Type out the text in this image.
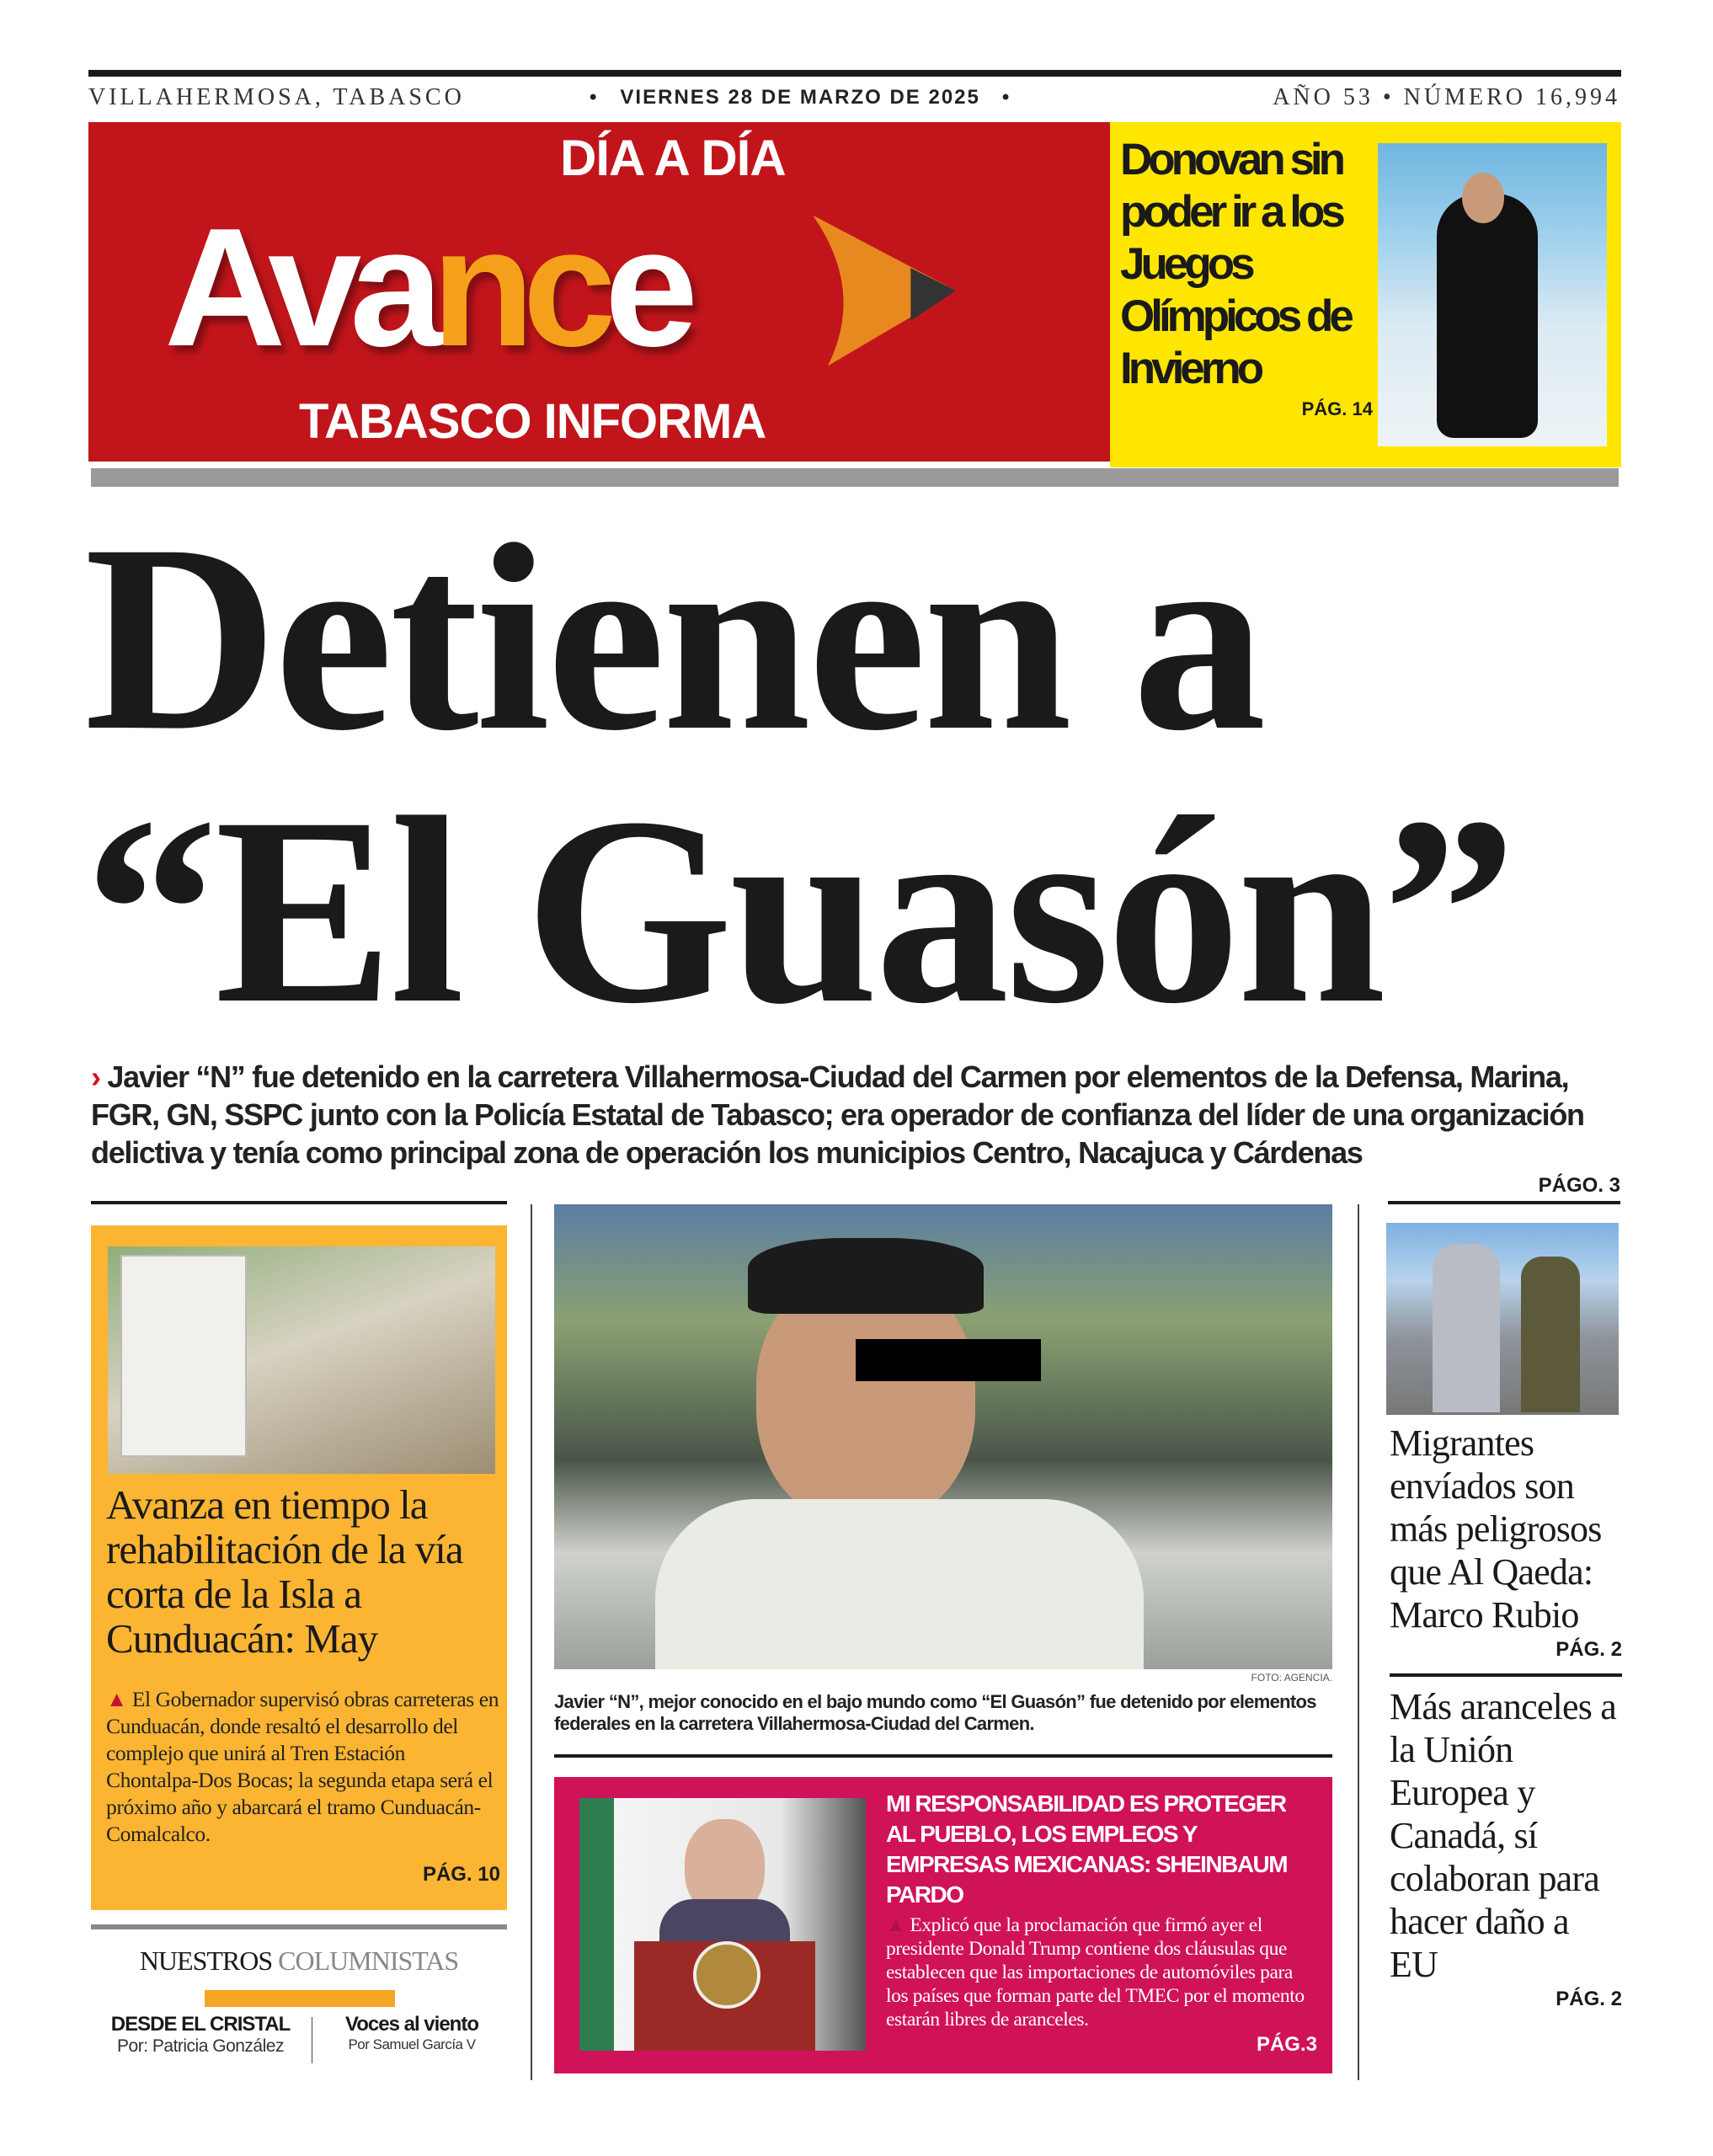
VILLAHERMOSA, TABASCO	• VIERNES 28 DE MARZO DE 2025 •	AÑO 53 • NÚMERO 16,994
DÍA A DÍA
Avance
TABASCO INFORMA
Donovan sin poder ir a los Juegos Olímpicos de Invierno
PÁG. 14
Detienen a
“El Guasón”
› Javier “N” fue detenido en la carretera Villahermosa-Ciudad del Carmen por elementos de la Defensa, Marina, FGR, GN, SSPC junto con la Policía Estatal de Tabasco; era operador de confianza del líder de una organización delictiva y tenía como principal zona de operación los municipios Centro, Nacajuca y Cárdenas
PÁGO. 3
Avanza en tiempo la rehabilitación de la vía corta de la Isla a Cunduacán: May
▲ El Gobernador supervisó obras carreteras en Cunduacán, donde resaltó el desarrollo del complejo que unirá al Tren Estación Chontalpa-Dos Bocas; la segunda etapa será el próximo año y abarcará el tramo Cunduacán-Comalcalco.
PÁG. 10
NUESTROS COLUMNISTAS
DESDE EL CRISTAL
Por: Patricia González
Voces al viento
Por Samuel García V
FOTO: AGENCIA.
Javier “N”, mejor conocido en el bajo mundo como “El Guasón” fue detenido por elementos federales en la carretera Villahermosa-Ciudad del Carmen.
MI RESPONSABILIDAD ES PROTEGER AL PUEBLO, LOS EMPLEOS Y EMPRESAS MEXICANAS: SHEINBAUM PARDO
▲ Explicó que la proclamación que firmó ayer el presidente Donald Trump contiene dos cláusulas que establecen que las importaciones de automóviles para los países que forman parte del TMEC por el momento estarán libres de aranceles.
PÁG.3
Migrantes envíados son más peligrosos que Al Qaeda: Marco Rubio
PÁG. 2
Más aranceles a la Unión Europea y Canadá, sí colaboran para hacer daño a EU
PÁG. 2
